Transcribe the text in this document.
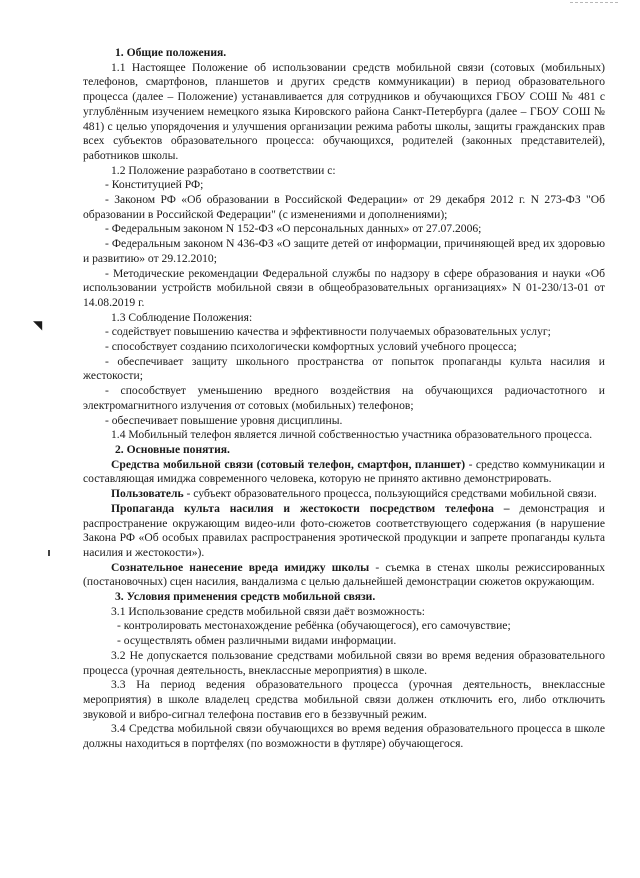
◥

1. Общие положения.

1.1 Настоящее Положение об использовании средств мобильной связи (сотовых (мобильных) телефонов, смартфонов, планшетов и других средств коммуникации) в период образовательного процесса (далее – Положение) устанавливается для сотрудников и обучающихся ГБОУ СОШ № 481 с углублённым изучением немецкого языка Кировского района Санкт-Петербурга (далее – ГБОУ СОШ № 481) с целью упорядочения и улучшения организации режима работы школы, защиты гражданских прав всех субъектов образовательного процесса: обучающихся, родителей (законных представителей), работников школы.

1.2 Положение разработано в соответствии с:

- Конституцией РФ;

- Законом РФ «Об образовании в Российской Федерации» от 29 декабря 2012 г. N 273-ФЗ "Об образовании в Российской Федерации" (с изменениями и дополнениями);

- Федеральным законом N 152-ФЗ «О персональных данных» от 27.07.2006;

- Федеральным законом N 436-ФЗ «О защите детей от информации, причиняющей вред их здоровью и развитию» от 29.12.2010;

- Методические рекомендации Федеральной службы по надзору в сфере образования и науки «Об использовании устройств мобильной связи в общеобразовательных организациях» N 01-230/13-01 от 14.08.2019 г.

1.3 Соблюдение Положения:

- содействует повышению качества и эффективности получаемых образовательных услуг;

- способствует созданию психологически комфортных условий учебного процесса;

- обеспечивает защиту школьного пространства от попыток пропаганды культа насилия и жестокости;

- способствует уменьшению вредного воздействия на обучающихся радиочастотного и электромагнитного излучения от сотовых (мобильных) телефонов;

- обеспечивает повышение уровня дисциплины.

1.4 Мобильный телефон является личной собственностью участника образовательного процесса.

2. Основные понятия.

Средства мобильной связи (сотовый телефон, смартфон, планшет) - средство коммуникации и составляющая имиджа современного человека, которую не принято активно демонстрировать.

Пользователь - субъект образовательного процесса, пользующийся средствами мобильной связи.

Пропаганда культа насилия и жестокости посредством телефона – демонстрация и распространение окружающим видео-или фото-сюжетов соответствующего содержания (в нарушение Закона РФ «Об особых правилах распространения эротической продукции и запрете пропаганды культа насилия и жестокости»).

Сознательное нанесение вреда имиджу школы - съемка в стенах школы режиссированных (постановочных) сцен насилия, вандализма с целью дальнейшей демонстрации сюжетов окружающим.

3. Условия применения средств мобильной связи.

3.1 Использование средств мобильной связи даёт возможность:

- контролировать местонахождение ребёнка (обучающегося), его самочувствие;

- осуществлять обмен различными видами информации.

3.2 Не допускается пользование средствами мобильной связи во время ведения образовательного процесса (урочная деятельность, внеклассные мероприятия) в школе.

3.3 На период ведения образовательного процесса (урочная деятельность, внеклассные мероприятия) в школе владелец средства мобильной связи должен отключить его, либо отключить звуковой и вибро-сигнал телефона поставив его в беззвучный режим.

3.4 Средства мобильной связи обучающихся во время ведения образовательного процесса в школе должны находиться в портфелях (по возможности в футляре) обучающегося.
